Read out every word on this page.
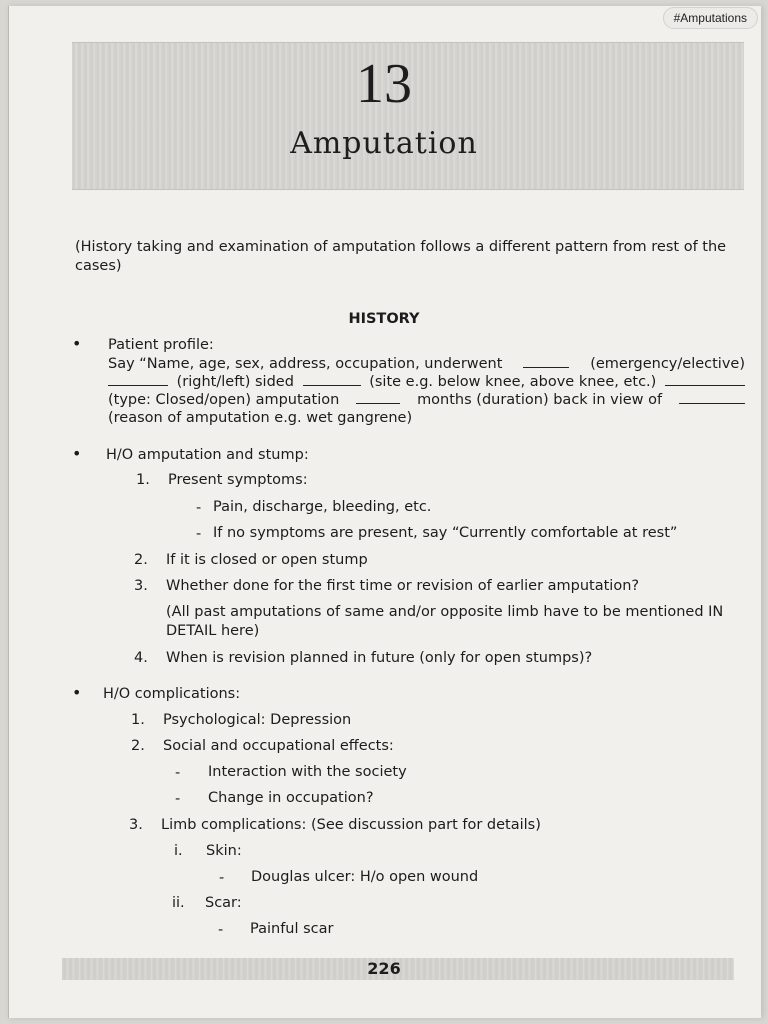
#Amputations
13
Amputation
(History taking and examination of amputation follows a different pattern from rest of the
cases)
HISTORY
• Patient profile:
Say “Name, age, sex, address, occupation, underwent	(emergency/elective)
(right/left) sided	(site e.g. below knee, above knee, etc.)
(type: Closed/open) amputation	months (duration) back in view of
(reason of amputation e.g. wet gangrene)
• H/O amputation and stump:
1. Present symptoms:
- Pain, discharge, bleeding, etc.
- If no symptoms are present, say “Currently comfortable at rest”
2. If it is closed or open stump
3. Whether done for the first time or revision of earlier amputation?
(All past amputations of same and/or opposite limb have to be mentioned IN
DETAIL here)
4. When is revision planned in future (only for open stumps)?
• H/O complications:
1. Psychological: Depression
2. Social and occupational effects:
- Interaction with the society
- Change in occupation?
3. Limb complications: (See discussion part for details)
i. Skin:
- Douglas ulcer: H/o open wound
ii. Scar:
- Painful scar
226
